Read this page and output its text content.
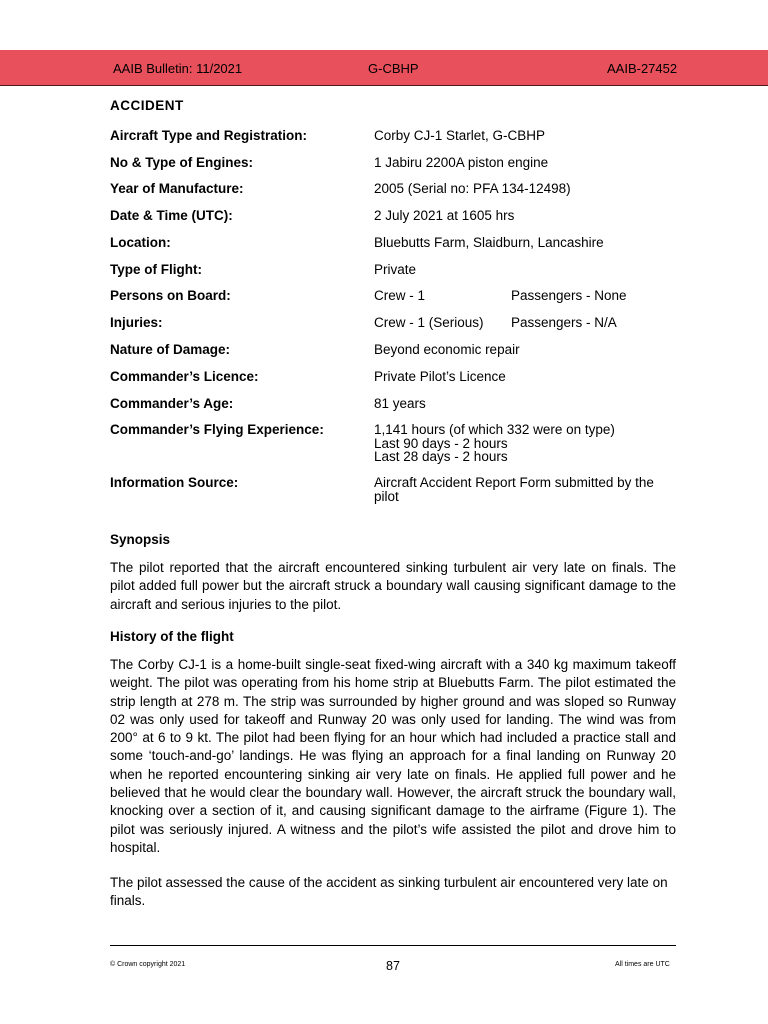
AAIB Bulletin: 11/2021	G-CBHP	AAIB-27452
ACCIDENT
Aircraft Type and Registration:	Corby CJ-1 Starlet, G-CBHP
No & Type of Engines:	1 Jabiru 2200A piston engine
Year of Manufacture:	2005 (Serial no: PFA 134-12498)
Date & Time (UTC):	2 July 2021 at 1605 hrs
Location:	Bluebutts Farm, Slaidburn, Lancashire
Type of Flight:	Private
Persons on Board:	Crew - 1	Passengers - None
Injuries:	Crew - 1 (Serious)	Passengers - N/A
Nature of Damage:	Beyond economic repair
Commander’s Licence:	Private Pilot’s Licence
Commander’s Age:	81 years
Commander’s Flying Experience:	1,141 hours (of which 332 were on type)
Last 90 days - 2 hours
Last 28 days - 2 hours
Information Source:	Aircraft Accident Report Form submitted by the
pilot
Synopsis
The pilot reported that the aircraft encountered sinking turbulent air very late on finals. The pilot added full power but the aircraft struck a boundary wall causing significant damage to the aircraft and serious injuries to the pilot.
History of the flight
The Corby CJ-1 is a home-built single-seat fixed-wing aircraft with a 340 kg maximum takeoff weight. The pilot was operating from his home strip at Bluebutts Farm. The pilot estimated the strip length at 278 m. The strip was surrounded by higher ground and was sloped so Runway 02 was only used for takeoff and Runway 20 was only used for landing. The wind was from 200° at 6 to 9 kt. The pilot had been flying for an hour which had included a practice stall and some ‘touch-and-go’ landings. He was flying an approach for a final landing on Runway 20 when he reported encountering sinking air very late on finals. He applied full power and he believed that he would clear the boundary wall. However, the aircraft struck the boundary wall, knocking over a section of it, and causing significant damage to the airframe (Figure 1). The pilot was seriously injured. A witness and the pilot’s wife assisted the pilot and drove him to hospital.
The pilot assessed the cause of the accident as sinking turbulent air encountered very late on finals.
© Crown copyright 2021	87	All times are UTC
